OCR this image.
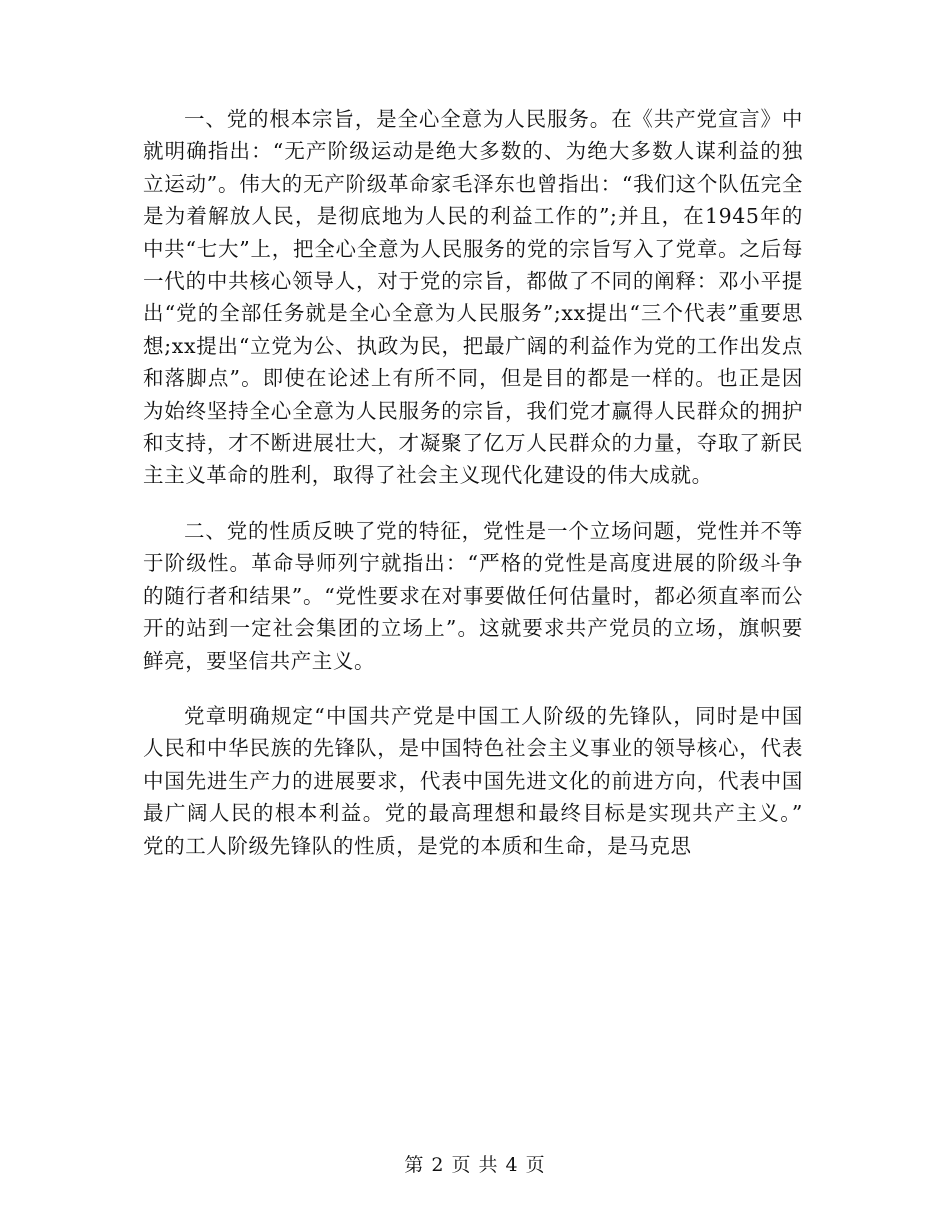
一、党的根本宗旨，是全心全意为人民服务。在《共产党宣言》中就明确指出：“无产阶级运动是绝大多数的、为绝大多数人谋利益的独立运动”。伟大的无产阶级革命家毛泽东也曾指出：“我们这个队伍完全是为着解放人民，是彻底地为人民的利益工作的”;并且，在1945年的中共“七大”上，把全心全意为人民服务的党的宗旨写入了党章。之后每一代的中共核心领导人，对于党的宗旨，都做了不同的阐释：邓小平提出“党的全部任务就是全心全意为人民服务”;xx提出“三个代表”重要思想;xx提出“立党为公、执政为民，把最广阔的利益作为党的工作出发点和落脚点”。即使在论述上有所不同，但是目的都是一样的。也正是因为始终坚持全心全意为人民服务的宗旨，我们党才赢得人民群众的拥护和支持，才不断进展壮大，才凝聚了亿万人民群众的力量，夺取了新民主主义革命的胜利，取得了社会主义现代化建设的伟大成就。

二、党的性质反映了党的特征，党性是一个立场问题，党性并不等于阶级性。革命导师列宁就指出：“严格的党性是高度进展的阶级斗争的随行者和结果”。“党性要求在对事要做任何估量时，都必须直率而公开的站到一定社会集团的立场上”。这就要求共产党员的立场，旗帜要鲜亮，要坚信共产主义。

党章明确规定“中国共产党是中国工人阶级的先锋队，同时是中国人民和中华民族的先锋队，是中国特色社会主义事业的领导核心，代表中国先进生产力的进展要求，代表中国先进文化的前进方向，代表中国最广阔人民的根本利益。党的最高理想和最终目标是实现共产主义。” 党的工人阶级先锋队的性质，是党的本质和生命，是马克思

第 2 页 共 4 页
